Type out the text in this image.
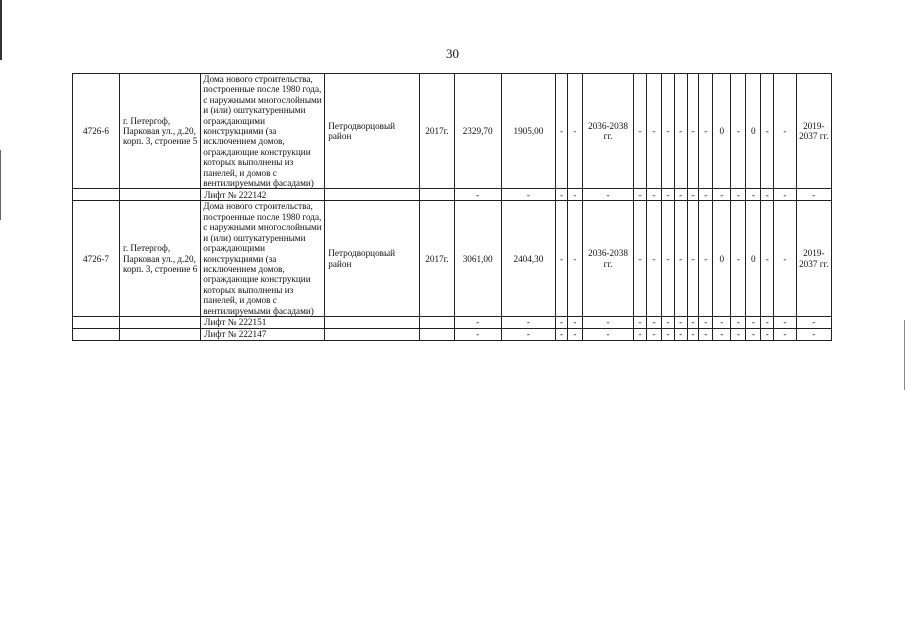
30
4726-6	г. Петергоф, Парковая ул., д.20, корп. 3, строение 5	Дома нового строительства, построенные после 1980 года, с наружными многослойными и (или) оштукатуренными ограждающими конструкциями (за исключением домов, ограждающие конструкции которых выполнены из панелей, и домов с вентилируемыми фасадами)	Петродворцовый район	2017г.	2329,70	1905,00	-	-	2036-2038 гг.	-	-	-	-	-	-	0	-	0	-	-	2019-2037 гг.
		Лифт № 222142			-	-	-	-	-	-	-	-	-	-	-	-	-	-	-	-	-
4726-7	г. Петергоф, Парковая ул., д.20, корп. 3, строение 6	Дома нового строительства, построенные после 1980 года, с наружными многослойными и (или) оштукатуренными ограждающими конструкциями (за исключением домов, ограждающие конструкции которых выполнены из панелей, и домов с вентилируемыми фасадами)	Петродворцовый район	2017г.	3061,00	2404,30	-	-	2036-2038 гг.	-	-	-	-	-	-	0	-	0	-	-	2019-2037 гг.
		Лифт № 222151			-	-	-	-	-	-	-	-	-	-	-	-	-	-	-	-	-
		Лифт № 222147			-	-	-	-	-	-	-	-	-	-	-	-	-	-	-	-	-
